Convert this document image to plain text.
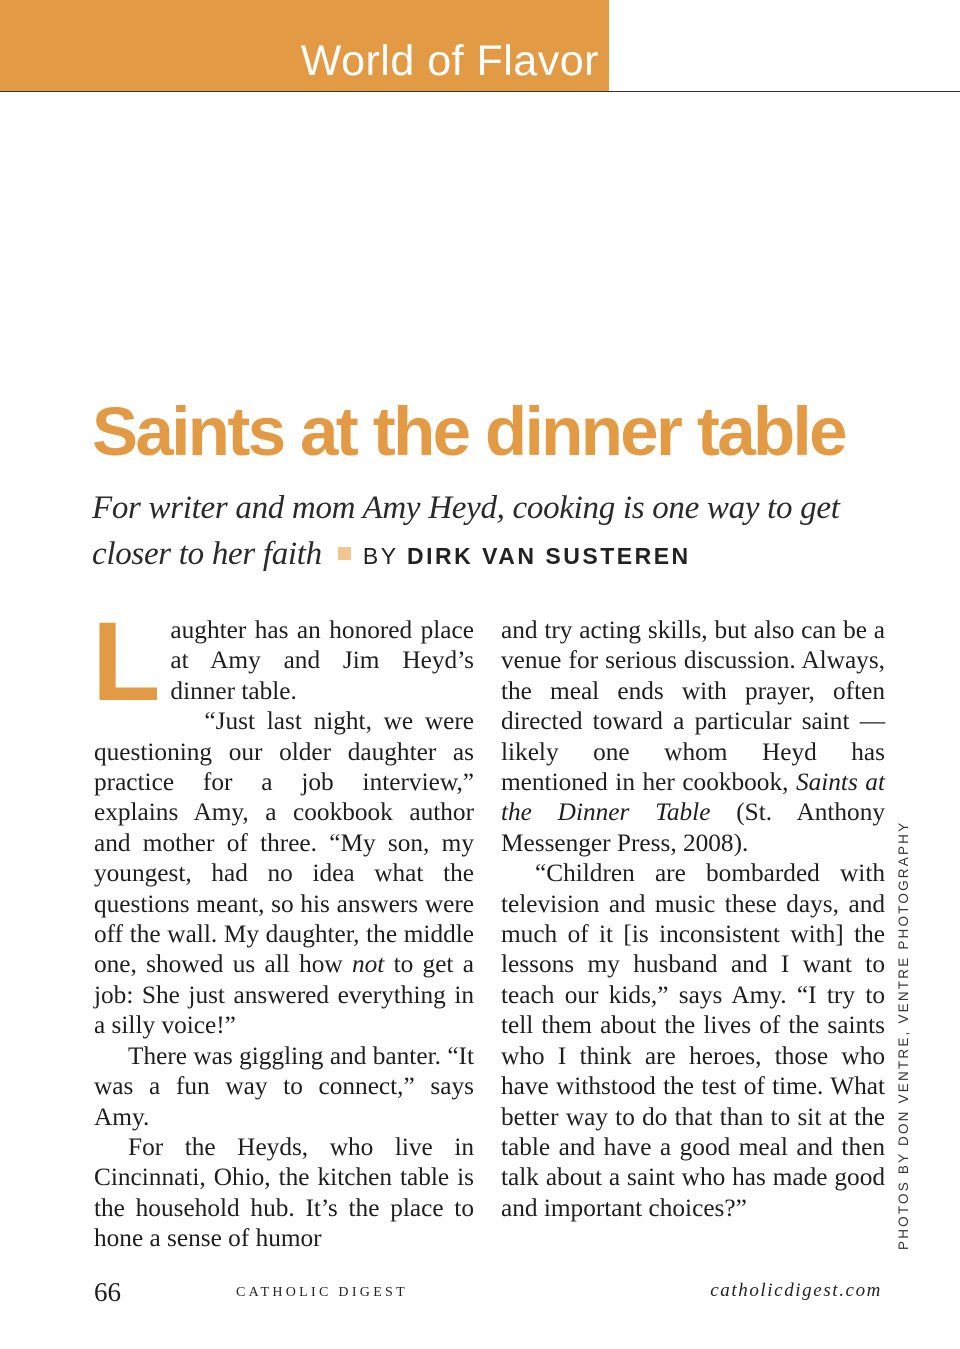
World of Flavor
Saints at the dinner table
For writer and mom Amy Heyd, cooking is one way to get closer to her faith BY DIRK VAN SUSTEREN

Laughter has an honored place at Amy and Jim Heyd’s dinner table.

“Just last night, we were questioning our older daughter as practice for a job interview,” explains Amy, a cookbook author and mother of three. “My son, my youngest, had no idea what the questions meant, so his answers were off the wall. My daughter, the middle one, showed us all how not to get a job: She just answered everything in a silly voice!”

There was giggling and banter. “It was a fun way to connect,” says Amy.

For the Heyds, who live in Cincinnati, Ohio, the kitchen table is the household hub. It’s the place to hone a sense of humor

and try acting skills, but also can be a venue for serious discussion. Always, the meal ends with prayer, often directed toward a particular saint — likely one whom Heyd has mentioned in her cookbook, Saints at the Dinner Table (St. Anthony Messenger Press, 2008).

“Children are bombarded with television and music these days, and much of it [is inconsistent with] the lessons my husband and I want to teach our kids,” says Amy. “I try to tell them about the lives of the saints who I think are heroes, those who have withstood the test of time. What better way to do that than to sit at the table and have a good meal and then talk about a saint who has made good and important choices?”	PHOTOS BY DON VENTRE, VENTRE PHOTOGRAPHY
66	CATHOLIC DIGEST	catholicdigest.com
